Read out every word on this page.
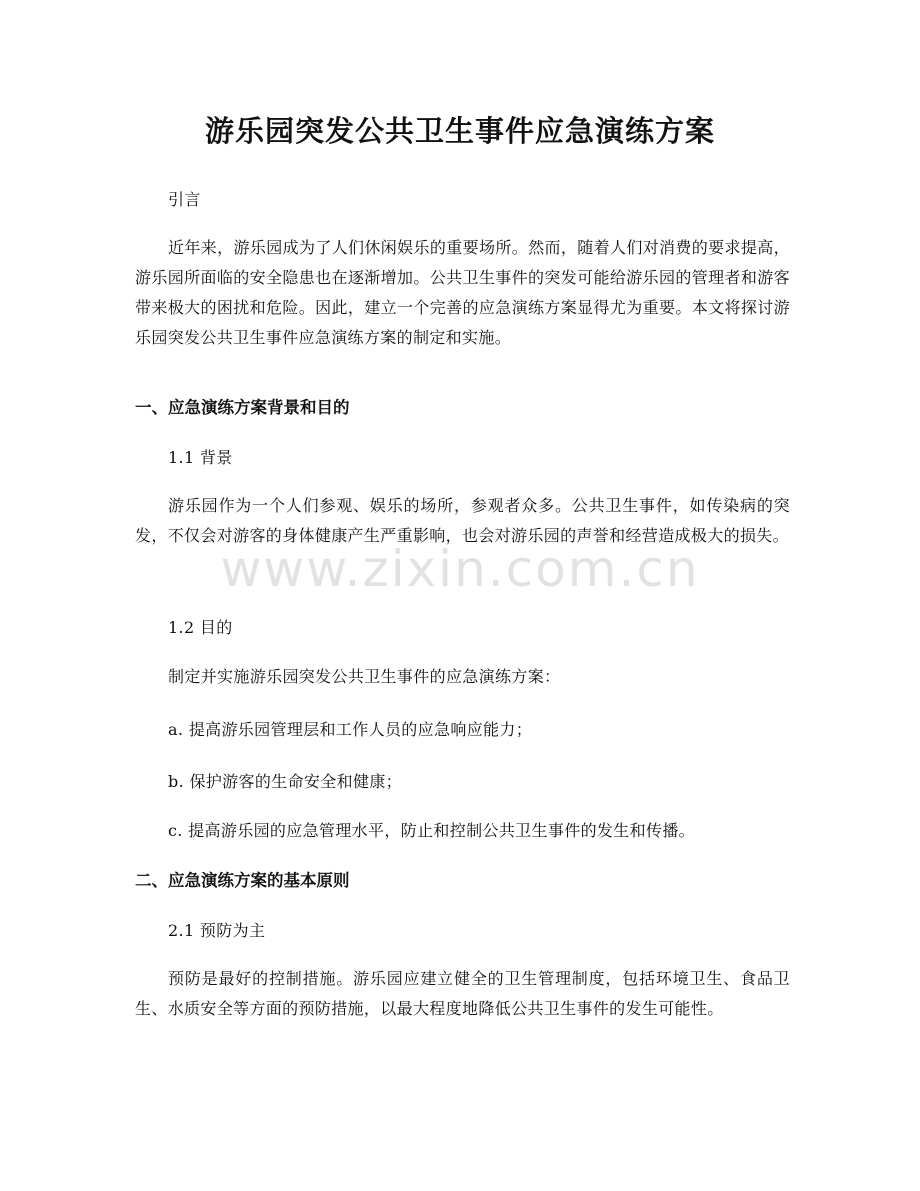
游乐园突发公共卫生事件应急演练方案

引言

近年来，游乐园成为了人们休闲娱乐的重要场所。然而，随着人们对消费的要求提高，游乐园所面临的安全隐患也在逐渐增加。公共卫生事件的突发可能给游乐园的管理者和游客带来极大的困扰和危险。因此，建立一个完善的应急演练方案显得尤为重要。本文将探讨游乐园突发公共卫生事件应急演练方案的制定和实施。

一、应急演练方案背景和目的

1.1 背景

游乐园作为一个人们参观、娱乐的场所，参观者众多。公共卫生事件，如传染病的突发，不仅会对游客的身体健康产生严重影响，也会对游乐园的声誉和经营造成极大的损失。

1.2 目的

制定并实施游乐园突发公共卫生事件的应急演练方案：

a. 提高游乐园管理层和工作人员的应急响应能力；

b. 保护游客的生命安全和健康；

c. 提高游乐园的应急管理水平，防止和控制公共卫生事件的发生和传播。

二、应急演练方案的基本原则

2.1 预防为主

预防是最好的控制措施。游乐园应建立健全的卫生管理制度，包括环境卫生、食品卫生、水质安全等方面的预防措施，以最大程度地降低公共卫生事件的发生可能性。

www.zixin.com.cn
